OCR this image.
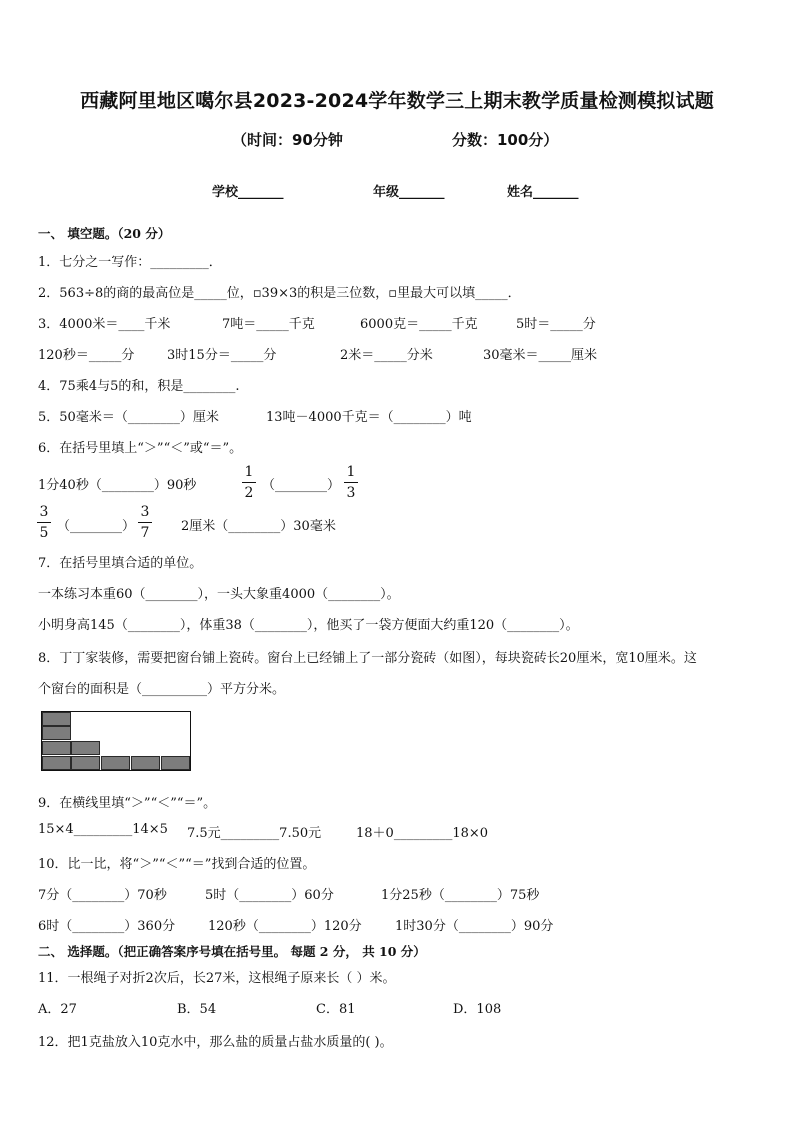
西藏阿里地区噶尔县2023-2024学年数学三上期末教学质量检测模拟试题
（时间：90分钟	分数：100分）
学校_______	年级_______	姓名_______
一、 填空题。（20 分）
1．七分之一写作：_________．
2．563÷8的商的最高位是_____位，▫39×3的积是三位数，▫里最大可以填_____．
3．4000米＝____千米	7吨＝_____千克	6000克＝_____千克	5时＝_____分
120秒＝_____分	3时15分＝_____分	2米＝_____分米	30毫米＝_____厘米
4．75乘4与5的和，积是________.
5．50毫米＝（________）厘米	13吨－4000千克＝（________）吨
6．在括号里填上“＞”“＜”或“＝”。
1分40秒（________）90秒
1
2 （________）
1
3
3
5 （________）
3
7 2厘米（________）30毫米
7．在括号里填合适的单位。
一本练习本重60（________），一头大象重4000（________）。
小明身高145（________），体重38（________），他买了一袋方便面大约重120（________）。
8．丁丁家装修，需要把窗台铺上瓷砖。窗台上已经铺上了一部分瓷砖（如图），每块瓷砖长20厘米，宽10厘米。这
个窗台的面积是（__________）平方分米。
9．在横线里填“＞”“＜”“＝”。
15×4_________14×5 7.5元_________7.50元	18＋0_________18×0
10．比一比，将“＞”“＜”“＝”找到合适的位置。
7分（________）70秒	5时（________）60分	1分25秒（________）75秒
6时（________）360分	120秒（________）120分	1时30分（________）90分
二、 选择题。（把正确答案序号填在括号里。 每题 2 分， 共 10 分）
11．一根绳子对折2次后，长27米，这根绳子原来长（ ）米。
A．27	B．54	C．81	D．108
12．把1克盐放入10克水中，那么盐的质量占盐水质量的( )。
